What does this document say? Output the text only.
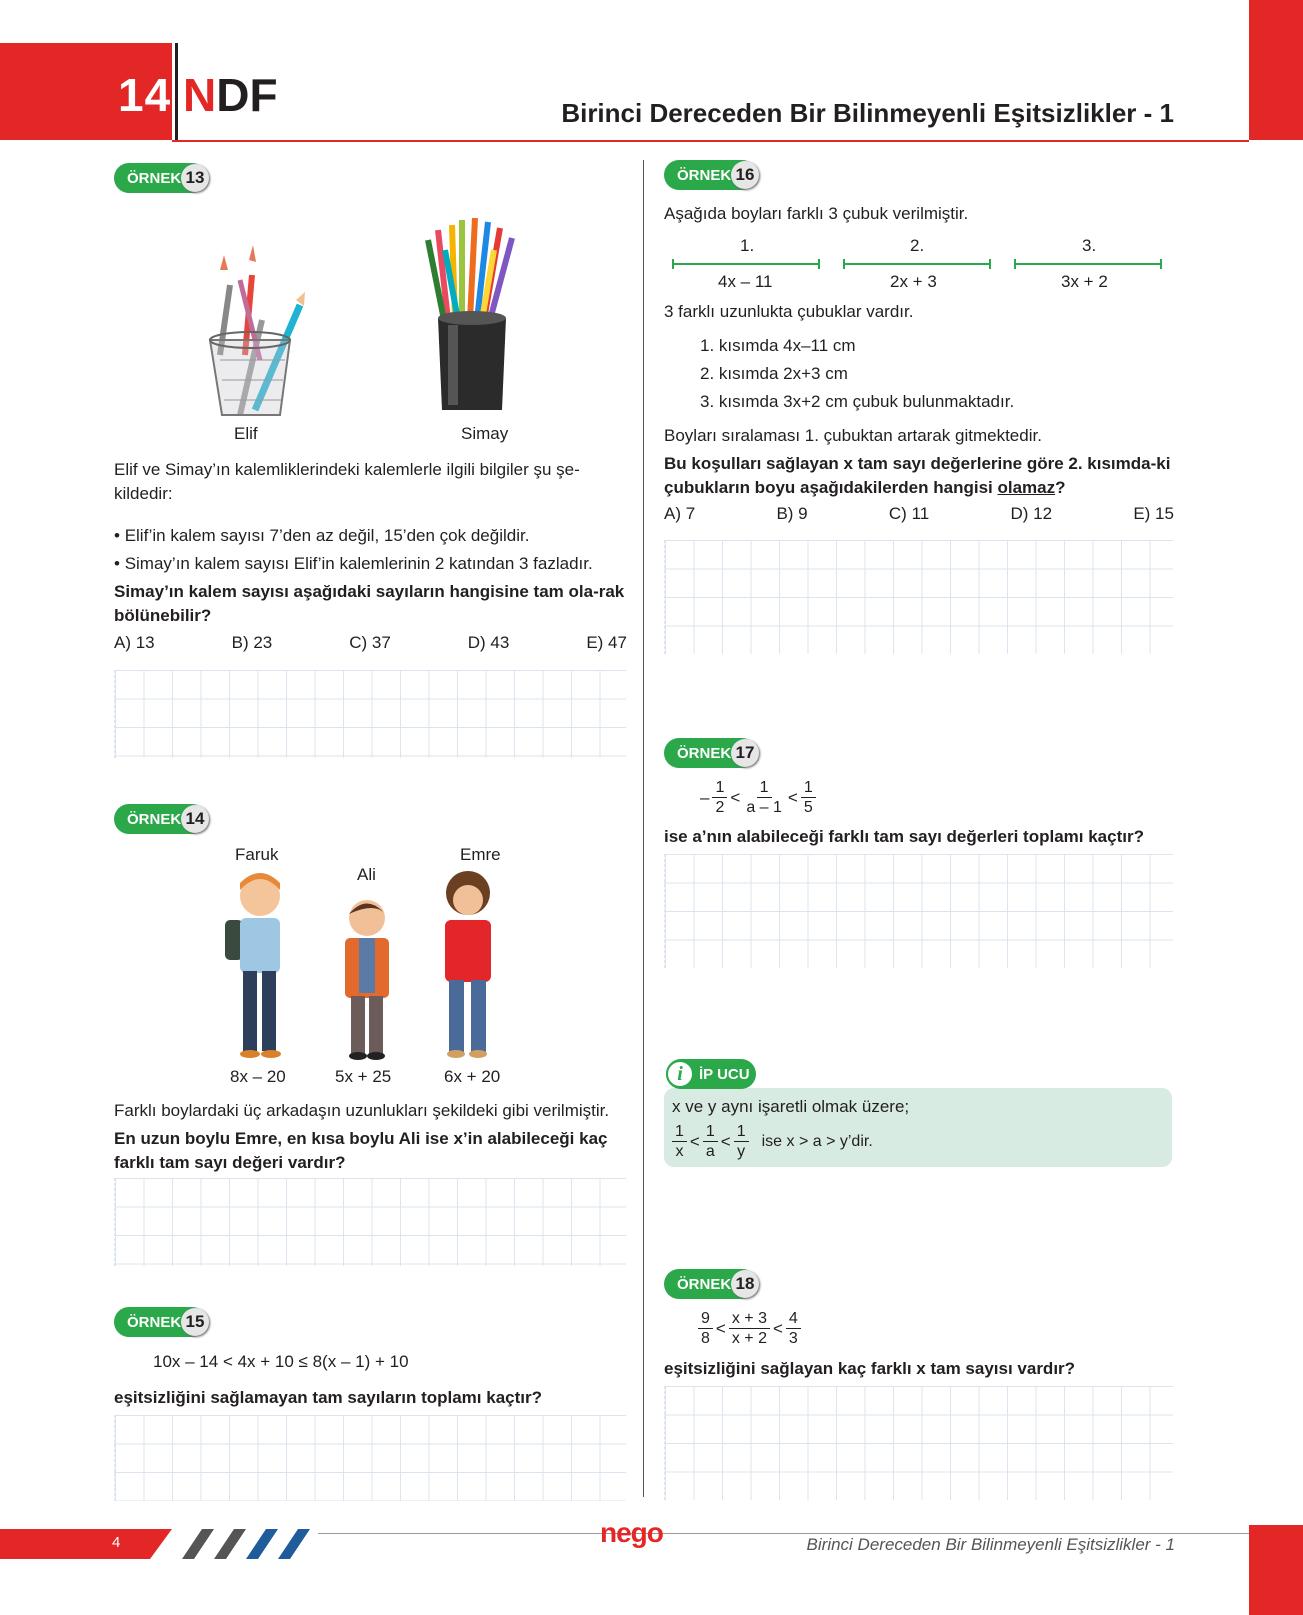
14 NDF	Birinci Dereceden Bir Bilinmeyenli Eşitsizlikler - 1
ÖRNEK 13
Elif	Simay
Elif ve Simay’ın kalemliklerindeki kalemlerle ilgili bilgiler şu şe-kildedir:
• Elif’in kalem sayısı 7’den az değil, 15’den çok değildir.
• Simay’ın kalem sayısı Elif’in kalemlerinin 2 katından 3 fazladır.
Simay’ın kalem sayısı aşağıdaki sayıların hangisine tam ola-rak bölünebilir?
A) 13	B) 23	C) 37	D) 43	E) 47
ÖRNEK 14
Faruk
Ali
Emre
8x – 20	5x + 25	6x + 20
Farklı boylardaki üç arkadaşın uzunlukları şekildeki gibi verilmiştir.
En uzun boylu Emre, en kısa boylu Ali ise x’in alabileceği kaç farklı tam sayı değeri vardır?
ÖRNEK 15
10x – 14 < 4x + 10 ≤ 8(x – 1) + 10
eşitsizliğini sağlamayan tam sayıların toplamı kaçtır?
ÖRNEK 16
Aşağıda boyları farklı 3 çubuk verilmiştir.
1.	2.	3.
4x – 11	2x + 3	3x + 2
3 farklı uzunlukta çubuklar vardır.
1. kısımda 4x–11 cm
2. kısımda 2x+3 cm
3. kısımda 3x+2 cm çubuk bulunmaktadır.
Boyları sıralaması 1. çubuktan artarak gitmektedir.
Bu koşulları sağlayan x tam sayı değerlerine göre 2. kısımda-ki çubukların boyu aşağıdakilerden hangisi olamaz?
A) 7	B) 9	C) 11	D) 12	E) 15
ÖRNEK 17
– $\frac{1}{2} < \frac{1}{a - 1} < \frac{1}{5}$
ise a’nın alabileceği farklı tam sayı değerleri toplamı kaçtır?
İP UCU
i
x ve y aynı işaretli olmak üzere;
$\frac{1}{x} < \frac{1}{a} < \frac{1}{y}$ ise x > a > y’dir.
ÖRNEK 18
$\frac{9}{8} < \frac{x + 3}{x + 2} < \frac{4}{3}$
eşitsizliğini sağlayan kaç farklı x tam sayısı vardır?
4	nego	Birinci Dereceden Bir Bilinmeyenli Eşitsizlikler - 1
